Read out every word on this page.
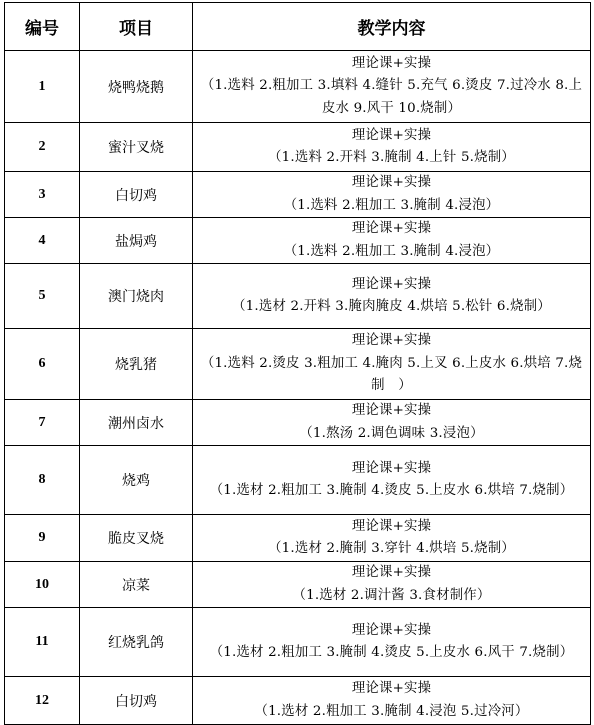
编号	项目	教学内容
1	烧鸭烧鹅	理论课+实操
（1.选料 2.粗加工 3.填料 4.缝针 5.充气 6.烫皮 7.过冷水 8.上皮水 9.风干 10.烧制）

2	蜜汁叉烧	理论课+实操
（1.选料 2.开料 3.腌制 4.上针 5.烧制）

3	白切鸡	理论课+实操
（1.选料 2.粗加工 3.腌制 4.浸泡）

4	盐焗鸡	理论课+实操
（1.选料 2.粗加工 3.腌制 4.浸泡）

5	澳门烧肉	理论课+实操
（1.选材 2.开料 3.腌肉腌皮 4.烘培 5.松针 6.烧制）

6	烧乳猪	理论课+实操
（1.选料 2.烫皮 3.粗加工 4.腌肉 5.上叉 6.上皮水 6.烘培 7.烧制　）

7	潮州卤水	理论课+实操
（1.熬汤 2.调色调味 3.浸泡）

8	烧鸡	理论课+实操
（1.选材 2.粗加工 3.腌制 4.烫皮 5.上皮水 6.烘培 7.烧制）

9	脆皮叉烧	理论课+实操
（1.选材 2.腌制 3.穿针 4.烘培 5.烧制）

10	凉菜	理论课+实操
（1.选材 2.调汁酱 3.食材制作）

11	红烧乳鸽	理论课+实操
（1.选材 2.粗加工 3.腌制 4.烫皮 5.上皮水 6.风干 7.烧制）

12	白切鸡	理论课+实操
（1.选材 2.粗加工 3.腌制 4.浸泡 5.过冷河）
